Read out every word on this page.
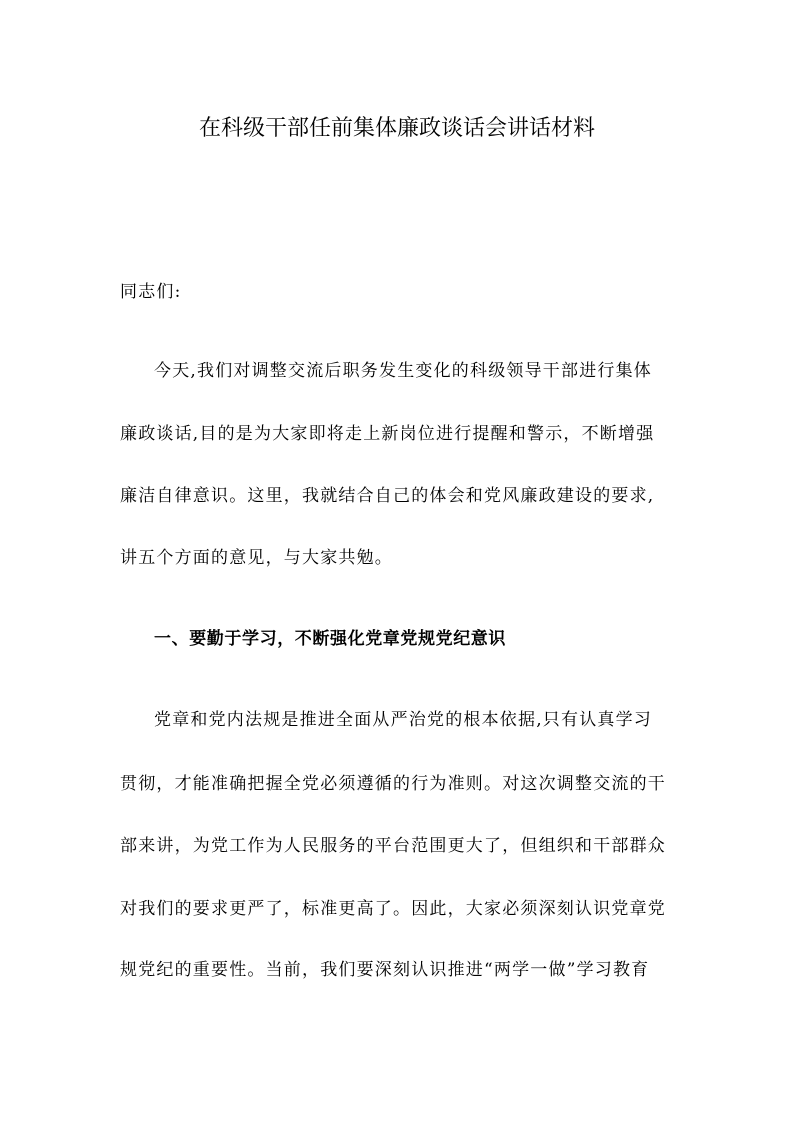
在科级干部任前集体廉政谈话会讲话材料
同志们:
今天,我们对调整交流后职务发生变化的科级领导干部进行集体
廉政谈话,目的是为大家即将走上新岗位进行提醒和警示，不断增强
廉洁自律意识。这里，我就结合自己的体会和党风廉政建设的要求,
讲五个方面的意见，与大家共勉。
一、要勤于学习，不断强化党章党规党纪意识
党章和党内法规是推进全面从严治党的根本依据,只有认真学习
贯彻，才能准确把握全党必须遵循的行为准则。对这次调整交流的干
部来讲，为党工作为人民服务的平台范围更大了，但组织和干部群众
对我们的要求更严了，标准更高了。因此，大家必须深刻认识党章党
规党纪的重要性。当前，我们要深刻认识推进“两学一做”学习教育
